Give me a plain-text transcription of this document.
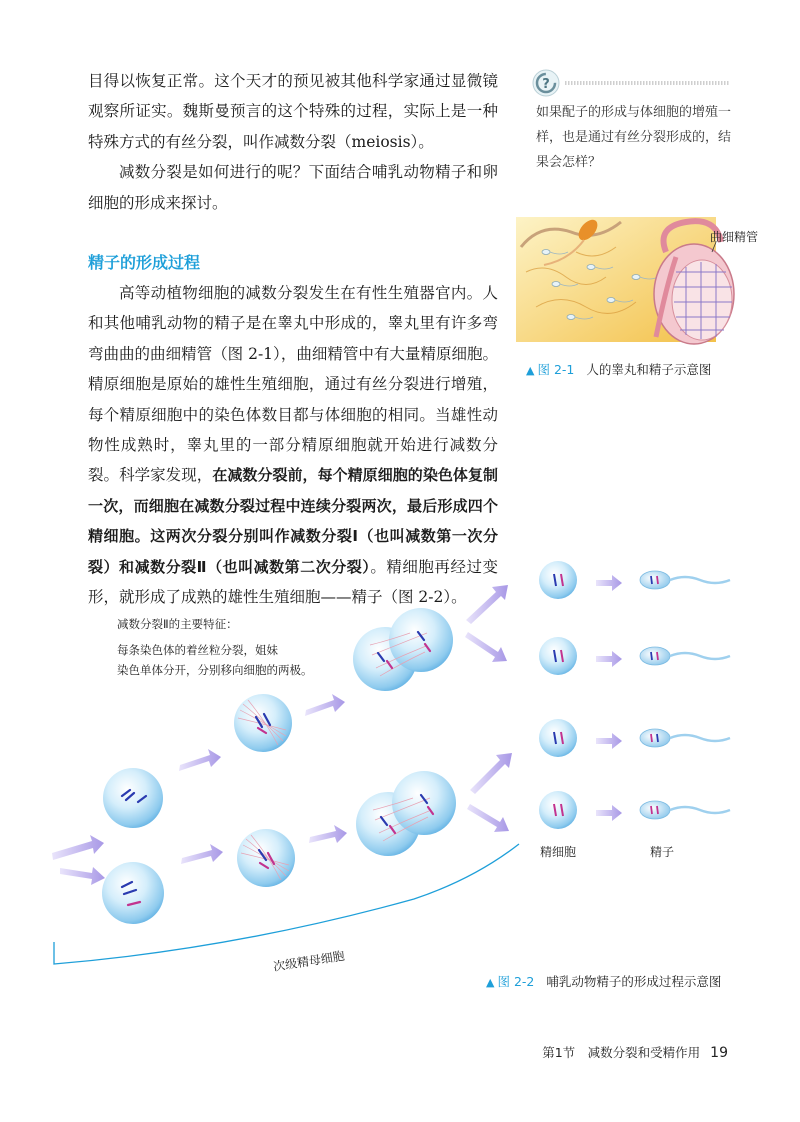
目得以恢复正常。这个天才的预见被其他科学家通过显微镜观察所证实。魏斯曼预言的这个特殊的过程，实际上是一种特殊方式的有丝分裂，叫作减数分裂（meiosis）。

减数分裂是如何进行的呢？下面结合哺乳动物精子和卵细胞的形成来探讨。

精子的形成过程

高等动植物细胞的减数分裂发生在有性生殖器官内。人和其他哺乳动物的精子是在睾丸中形成的，睾丸里有许多弯弯曲曲的曲细精管（图 2-1），曲细精管中有大量精原细胞。精原细胞是原始的雄性生殖细胞，通过有丝分裂进行增殖，每个精原细胞中的染色体数目都与体细胞的相同。当雄性动物性成熟时，睾丸里的一部分精原细胞就开始进行减数分裂。科学家发现，在减数分裂前，每个精原细胞的染色体复制一次，而细胞在减数分裂过程中连续分裂两次，最后形成四个精细胞。这两次分裂分别叫作减数分裂Ⅰ（也叫减数第一次分裂）和减数分裂Ⅱ（也叫减数第二次分裂）。精细胞再经过变形，就形成了成熟的雄性生殖细胞——精子（图 2-2）。

?
如果配子的形成与体细胞的增殖一样，也是通过有丝分裂形成的，结果会怎样？
曲细精管
▲ 图 2-1 人的睾丸和精子示意图
减数分裂Ⅱ的主要特征：
每条染色体的着丝粒分裂，姐妹
染色单体分开，分别移向细胞的两极。
精细胞	精子
次级精母细胞
▲ 图 2-2 哺乳动物精子的形成过程示意图
第1节　减数分裂和受精作用 19
